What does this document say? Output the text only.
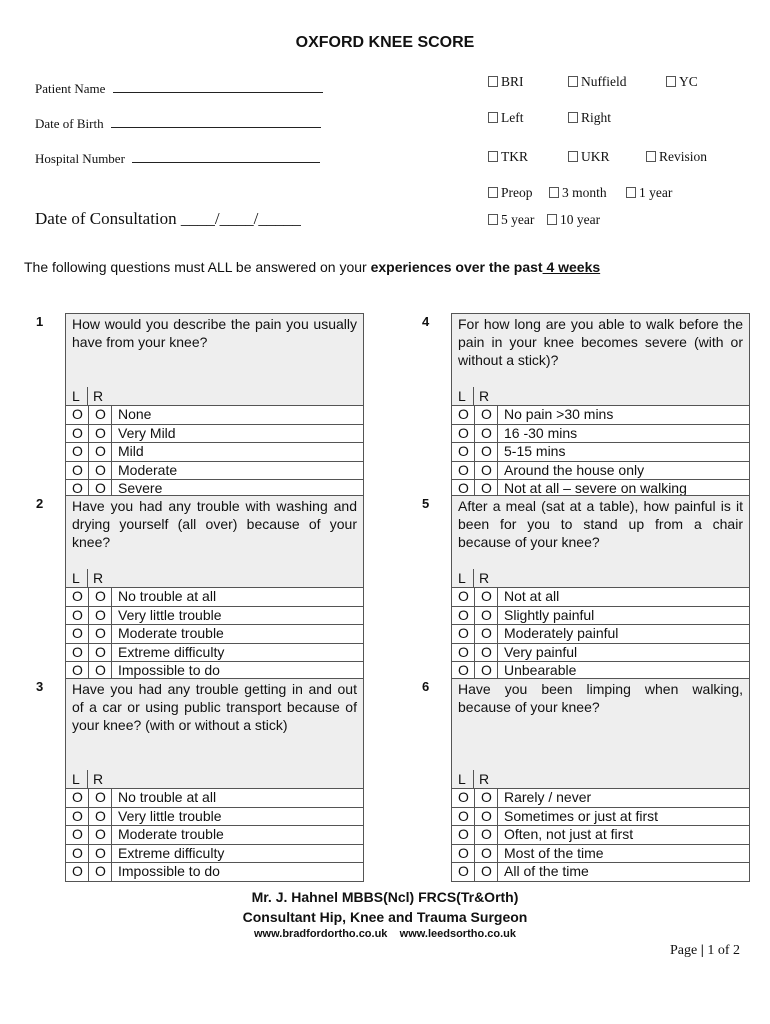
OXFORD KNEE SCORE
Patient Name
Date of Birth
Hospital Number
Date of Consultation ____/____/_____
BRI	Nuffield	YC
Left	Right
TKR	UKR	Revision
Preop	3 month	1 year
5 year	10 year
The following questions must ALL be answered on your experiences over the past 4 weeks
1	How would you describe the pain you usually have from your knee?
L R
O	O	None
O	O	Very Mild
O	O	Mild
O	O	Moderate
O	O	Severe
2	Have you had any trouble with washing and drying yourself (all over) because of your knee?
L R
O	O	No trouble at all
O	O	Very little trouble
O	O	Moderate trouble
O	O	Extreme difficulty
O	O	Impossible to do
3	Have you had any trouble getting in and out of a car or using public transport because of your knee? (with or without a stick)
L R
O	O	No trouble at all
O	O	Very little trouble
O	O	Moderate trouble
O	O	Extreme difficulty
O	O	Impossible to do
4	For how long are you able to walk before the pain in your knee becomes severe (with or without a stick)?
L R
O	O	No pain >30 mins
O	O	16 -30 mins
O	O	5-15 mins
O	O	Around the house only
O	O	Not at all – severe on walking
5	After a meal (sat at a table), how painful is it been for you to stand up from a chair because of your knee?
L R
O	O	Not at all
O	O	Slightly painful
O	O	Moderately painful
O	O	Very painful
O	O	Unbearable
6	Have you been limping when walking, because of your knee?
L R
O	O	Rarely / never
O	O	Sometimes or just at first
O	O	Often, not just at first
O	O	Most of the time
O	O	All of the time
Mr. J. Hahnel MBBS(Ncl) FRCS(Tr&Orth)
Consultant Hip, Knee and Trauma Surgeon
www.bradfordortho.co.uk    www.leedsortho.co.uk
Page | 1 of 2
